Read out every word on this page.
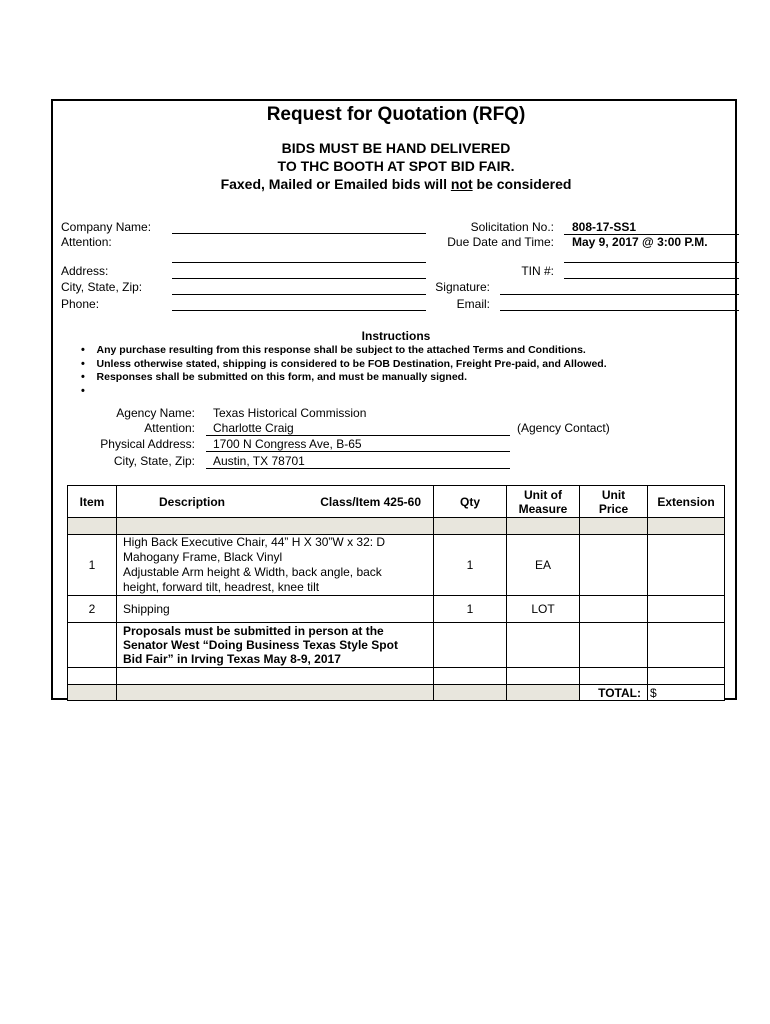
Request for Quotation (RFQ)
BIDS MUST BE HAND DELIVERED
TO THC BOOTH AT SPOT BID FAIR.
Faxed, Mailed or Emailed bids will not be considered
Company Name:
Attention:
Address:
City, State, Zip:
Phone:
Solicitation No.: 808-17-SS1
Due Date and Time: May 9, 2017 @ 3:00 P.M.
TIN #:
Signature:
Email:
Instructions
• Any purchase resulting from this response shall be subject to the attached Terms and Conditions.
• Unless otherwise stated, shipping is considered to be FOB Destination, Freight Pre-paid, and Allowed.
• Responses shall be submitted on this form, and must be manually signed.
•
Agency Name: Texas Historical Commission
Attention: Charlotte Craig	(Agency Contact)
Physical Address: 1700 N Congress Ave, B-65
City, State, Zip: Austin, TX 78701
Item	Description Class/Item 425-60	Qty	Unit of Measure	Unit Price	Extension

1	High Back Executive Chair, 44” H X 30”W x 32: D
Mahogany Frame, Black Vinyl
Adjustable Arm height & Width, back angle, back
height, forward tilt, headrest, knee tilt	1	EA		
2	Shipping	1	LOT		

	Proposals must be submitted in person at the
Senator West “Doing Business Texas Style Spot
Bid Fair” in Irving Texas May 8-9, 2017				

				TOTAL:	$
